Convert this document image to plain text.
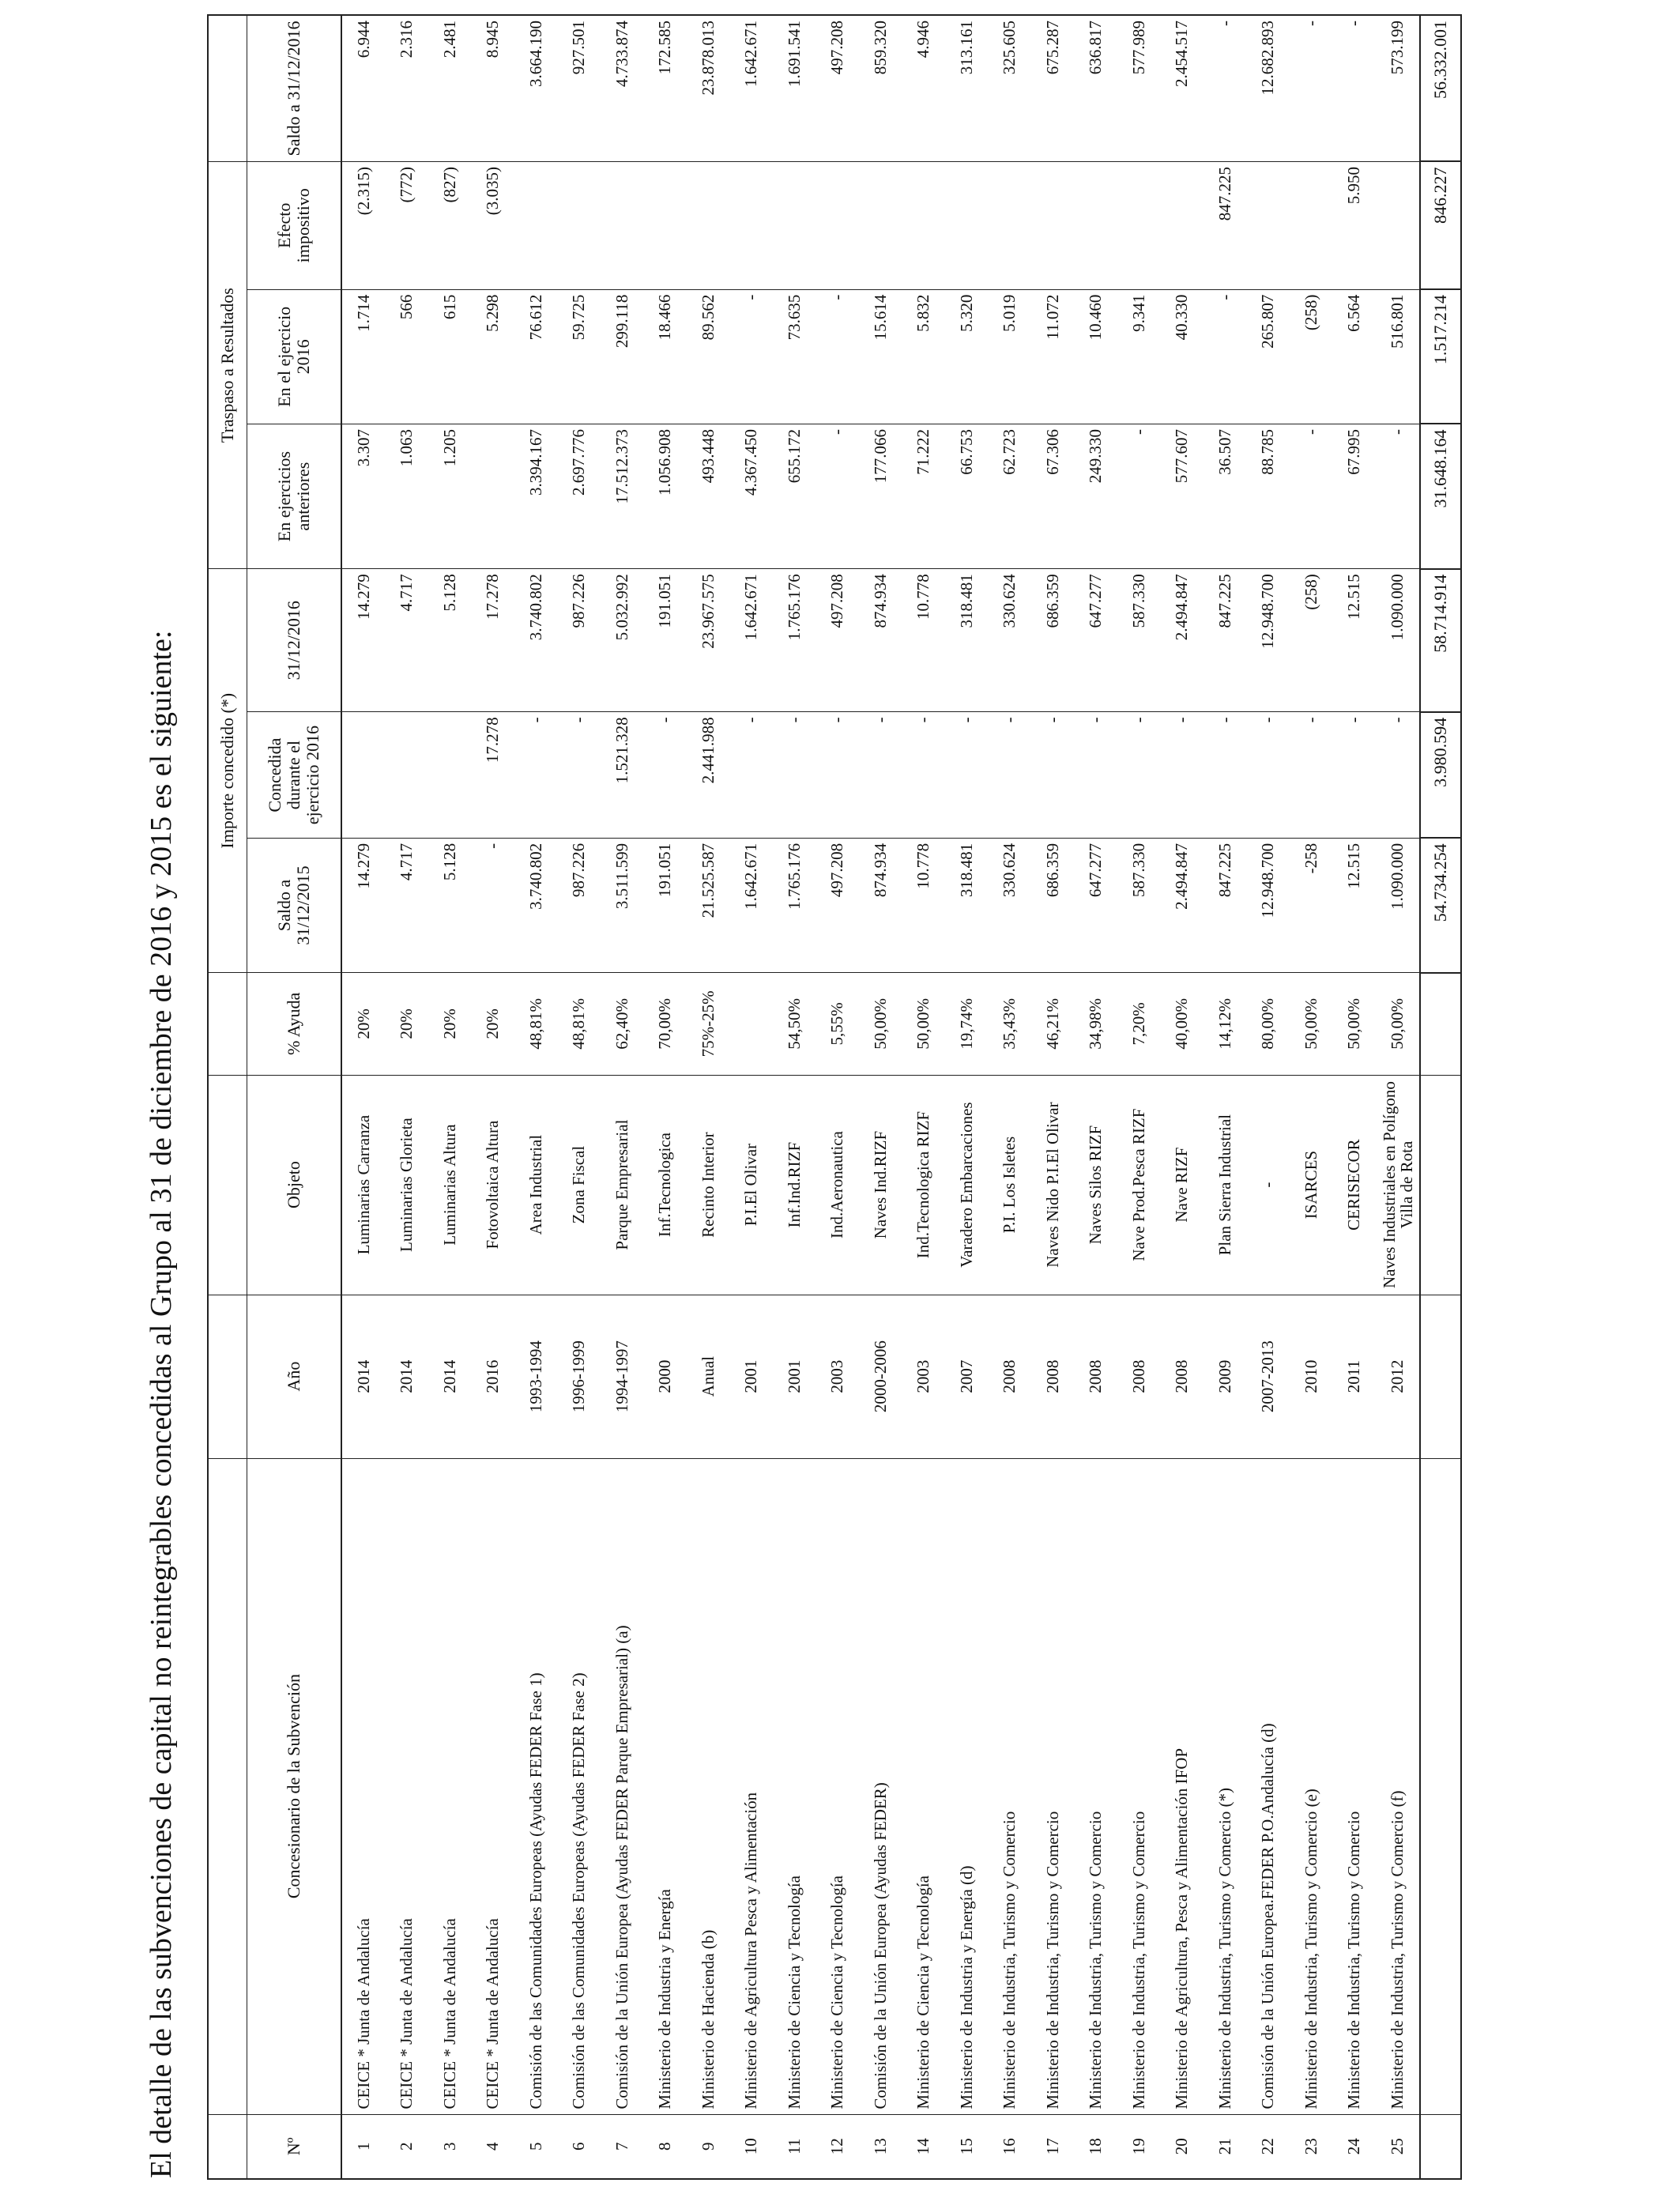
El detalle de las subvenciones de capital no reintegrables concedidas al Grupo al 31 de diciembre de 2016 y 2015 es el siguiente:
					Importe concedido (*)			Traspaso a Resultados			
Nº	Concesionario de la Subvención	Año	Objeto	% Ayuda	Saldo a 31/12/2015	Concedida durante el ejercicio 2016	31/12/2016	En ejercicios anteriores	En el ejercicio 2016	Efecto impositivo	Saldo a 31/12/2016
1	CEICE * Junta de Andalucía	2014	Luminarias Carranza	20%	14.279		14.279	3.307	1.714	(2.315)	6.944
2	CEICE * Junta de Andalucía	2014	Luminarias Glorieta	20%	4.717		4.717	1.063	566	(772)	2.316
3	CEICE * Junta de Andalucía	2014	Luminarias Altura	20%	5.128		5.128	1.205	615	(827)	2.481
4	CEICE * Junta de Andalucía	2016	Fotovoltaica Altura	20%	-	17.278	17.278		5.298	(3.035)	8.945
5	Comisión de las Comunidades Europeas (Ayudas FEDER Fase 1)	1993-1994	Area Industrial	48,81%	3.740.802	-	3.740.802	3.394.167	76.612		3.664.190
6	Comisión de las Comunidades Europeas (Ayudas FEDER Fase 2)	1996-1999	Zona Fiscal	48,81%	987.226	-	987.226	2.697.776	59.725		927.501
7	Comisión de la Unión Europea (Ayudas FEDER Parque Empresarial) (a)	1994-1997	Parque Empresarial	62,40%	3.511.599	1.521.328	5.032.992	17.512.373	299.118		4.733.874
8	Ministerio de Industria y Energía	2000	Inf.Tecnologica	70,00%	191.051	-	191.051	1.056.908	18.466		172.585
9	Ministerio de Hacienda (b)	Anual	Recinto Interior	75%-25%	21.525.587	2.441.988	23.967.575	493.448	89.562		23.878.013
10	Ministerio de Agricultura Pesca y Alimentación	2001	P.I.El Olivar		1.642.671	-	1.642.671	4.367.450	-		1.642.671
11	Ministerio de Ciencia y Tecnología	2001	Inf.Ind.RIZF	54,50%	1.765.176	-	1.765.176	655.172	73.635		1.691.541
12	Ministerio de Ciencia y Tecnología	2003	Ind.Aeronautica	5,55%	497.208	-	497.208	-	-		497.208
13	Comisión de la Unión Europea (Ayudas FEDER)	2000-2006	Naves Ind.RIZF	50,00%	874.934	-	874.934	177.066	15.614		859.320
14	Ministerio de Ciencia y Tecnología	2003	Ind.Tecnologica RIZF	50,00%	10.778	-	10.778	71.222	5.832		4.946
15	Ministerio de Industria y Energía (d)	2007	Varadero Embarcaciones	19,74%	318.481	-	318.481	66.753	5.320		313.161
16	Ministerio de Industria, Turismo y Comercio	2008	P.I. Los Isletes	35,43%	330.624	-	330.624	62.723	5.019		325.605
17	Ministerio de Industria, Turismo y Comercio	2008	Naves Nido P.I.El Olivar	46,21%	686.359	-	686.359	67.306	11.072		675.287
18	Ministerio de Industria, Turismo y Comercio	2008	Naves Silos RIZF	34,98%	647.277	-	647.277	249.330	10.460		636.817
19	Ministerio de Industria, Turismo y Comercio	2008	Nave Prod.Pesca RIZF	7,20%	587.330	-	587.330	-	9.341		577.989
20	Ministerio de Agricultura, Pesca y Alimentación IFOP	2008	Nave RIZF	40,00%	2.494.847	-	2.494.847	577.607	40.330		2.454.517
21	Ministerio de Industria, Turismo y Comercio (*)	2009	Plan Sierra Industrial	14,12%	847.225	-	847.225	36.507	-	847.225	-
22	Comisión de la Unión Europea.FEDER P.O.Andalucía (d)	2007-2013	-	80,00%	12.948.700	-	12.948.700	88.785	265.807		12.682.893
23	Ministerio de Industria, Turismo y Comercio (e)	2010	ISARCES	50,00%	-258	-	(258)	-	(258)		-
24	Ministerio de Industria, Turismo y Comercio	2011	CERISECOR	50,00%	12.515	-	12.515	67.995	6.564	5.950	-
25	Ministerio de Industria, Turismo y Comercio (f)	2012	Naves Industriales en Polígono Villa de Rota	50,00%	1.090.000	-	1.090.000	-	516.801		573.199
					54.734.254	3.980.594	58.714.914	31.648.164	1.517.214	846.227	56.332.001
